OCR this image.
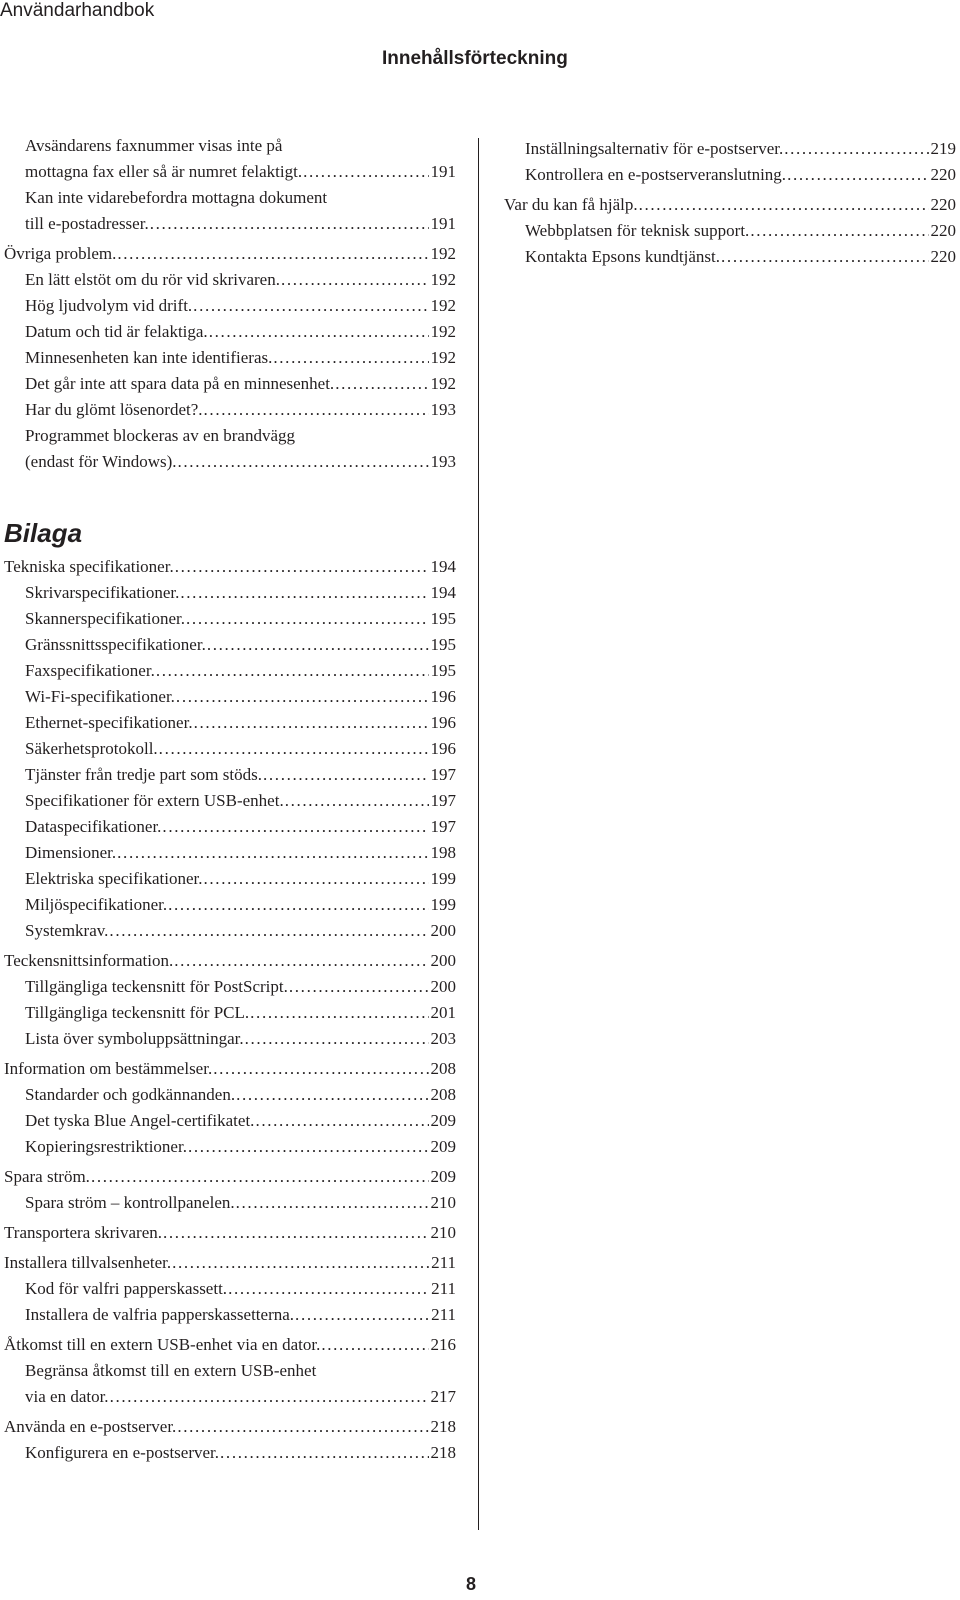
Användarhandbok
Innehållsförteckning
Avsändarens faxnummer visas inte på
mottagna fax eller så är numret felaktigt. . . .	191
Kan inte vidarebefordra mottagna dokument
till e-postadresser. . . .	191
Övriga problem. . . .	192
En lätt elstöt om du rör vid skrivaren. . . .	192
Hög ljudvolym vid drift. . . .	192
Datum och tid är felaktiga. . . .	192
Minnesenheten kan inte identifieras. . . .	192
Det går inte att spara data på en minnesenhet. . . .	192
Har du glömt lösenordet?. . . .	193
Programmet blockeras av en brandvägg
(endast för Windows). . . .	193
Bilaga
Tekniska specifikationer. . . .	194
Skrivarspecifikationer. . . .	194
Skannerspecifikationer. . . .	195
Gränssnittsspecifikationer. . . .	195
Faxspecifikationer. . . .	195
Wi-Fi-specifikationer. . . .	196
Ethernet-specifikationer. . . .	196
Säkerhetsprotokoll. . . .	196
Tjänster från tredje part som stöds. . . .	197
Specifikationer för extern USB-enhet. . . .	197
Dataspecifikationer. . . .	197
Dimensioner. . . .	198
Elektriska specifikationer. . . .	199
Miljöspecifikationer. . . .	199
Systemkrav. . . .	200
Teckensnittsinformation. . . .	200
Tillgängliga teckensnitt för PostScript. . . .	200
Tillgängliga teckensnitt för PCL. . . .	201
Lista över symboluppsättningar. . . .	203
Information om bestämmelser. . . .	208
Standarder och godkännanden. . . .	208
Det tyska Blue Angel-certifikatet. . . .	209
Kopieringsrestriktioner. . . .	209
Spara ström. . . .	209
Spara ström – kontrollpanelen. . . .	210
Transportera skrivaren. . . .	210
Installera tillvalsenheter. . . .	211
Kod för valfri papperskassett. . . .	211
Installera de valfria papperskassetterna. . . .	211
Åtkomst till en extern USB-enhet via en dator. . . .	216
Begränsa åtkomst till en extern USB-enhet
via en dator. . . .	217
Använda en e-postserver. . . .	218
Konfigurera en e-postserver. . . .	218
Inställningsalternativ för e-postserver. . . .	219
Kontrollera en e-postserveranslutning. . . .	220
Var du kan få hjälp. . . .	220
Webbplatsen för teknisk support. . . .	220
Kontakta Epsons kundtjänst. . . .	220
8
